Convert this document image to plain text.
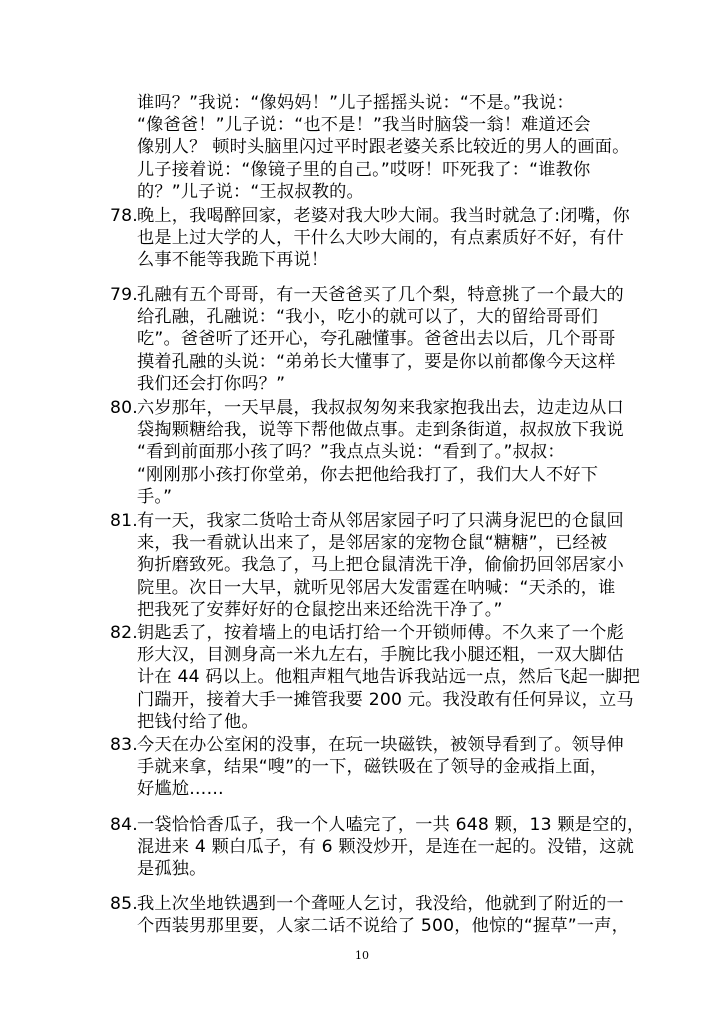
谁吗？”我说：“像妈妈！”儿子摇摇头说：“不是。”我说：
“像爸爸！”儿子说：“也不是！”我当时脑袋一翁！难道还会
像别人？ 顿时头脑里闪过平时跟老婆关系比较近的男人的画面。
儿子接着说：“像镜子里的自己。”哎呀！吓死我了：“谁教你
的？”儿子说：“王叔叔教的。
78. 晚上，我喝醉回家，老婆对我大吵大闹。我当时就急了:闭嘴，你
也是上过大学的人，干什么大吵大闹的，有点素质好不好，有什
么事不能等我跪下再说！
79. 孔融有五个哥哥，有一天爸爸买了几个梨，特意挑了一个最大的
给孔融，孔融说：“我小，吃小的就可以了，大的留给哥哥们
吃”。爸爸听了还开心，夸孔融懂事。爸爸出去以后，几个哥哥
摸着孔融的头说：“弟弟长大懂事了，要是你以前都像今天这样
我们还会打你吗？”
80. 六岁那年，一天早晨，我叔叔匆匆来我家抱我出去，边走边从口
袋掏颗糖给我，说等下帮他做点事。走到条街道，叔叔放下我说
“看到前面那小孩了吗？”我点点头说：“看到了。”叔叔：
“刚刚那小孩打你堂弟，你去把他给我打了，我们大人不好下
手。”
81. 有一天，我家二货哈士奇从邻居家园子叼了只满身泥巴的仓鼠回
来，我一看就认出来了，是邻居家的宠物仓鼠“糖糖”，已经被
狗折磨致死。我急了，马上把仓鼠清洗干净，偷偷扔回邻居家小
院里。次日一大早，就听见邻居大发雷霆在呐喊：“天杀的，谁
把我死了安葬好好的仓鼠挖出来还给洗干净了。”
82. 钥匙丢了，按着墙上的电话打给一个开锁师傅。不久来了一个彪
形大汉，目测身高一米九左右，手腕比我小腿还粗，一双大脚估
计在 44 码以上。他粗声粗气地告诉我站远一点，然后飞起一脚把
门踹开，接着大手一摊管我要 200 元。我没敢有任何异议，立马
把钱付给了他。
83. 今天在办公室闲的没事，在玩一块磁铁，被领导看到了。领导伸
手就来拿，结果“嗖”的一下，磁铁吸在了领导的金戒指上面，
好尴尬……
84. 一袋恰恰香瓜子，我一个人嗑完了，一共 648 颗，13 颗是空的，
混进来 4 颗白瓜子，有 6 颗没炒开，是连在一起的。没错，这就
是孤独。
85. 我上次坐地铁遇到一个聋哑人乞讨，我没给，他就到了附近的一
个西装男那里要，人家二话不说给了 500，他惊的“握草”一声，
10
